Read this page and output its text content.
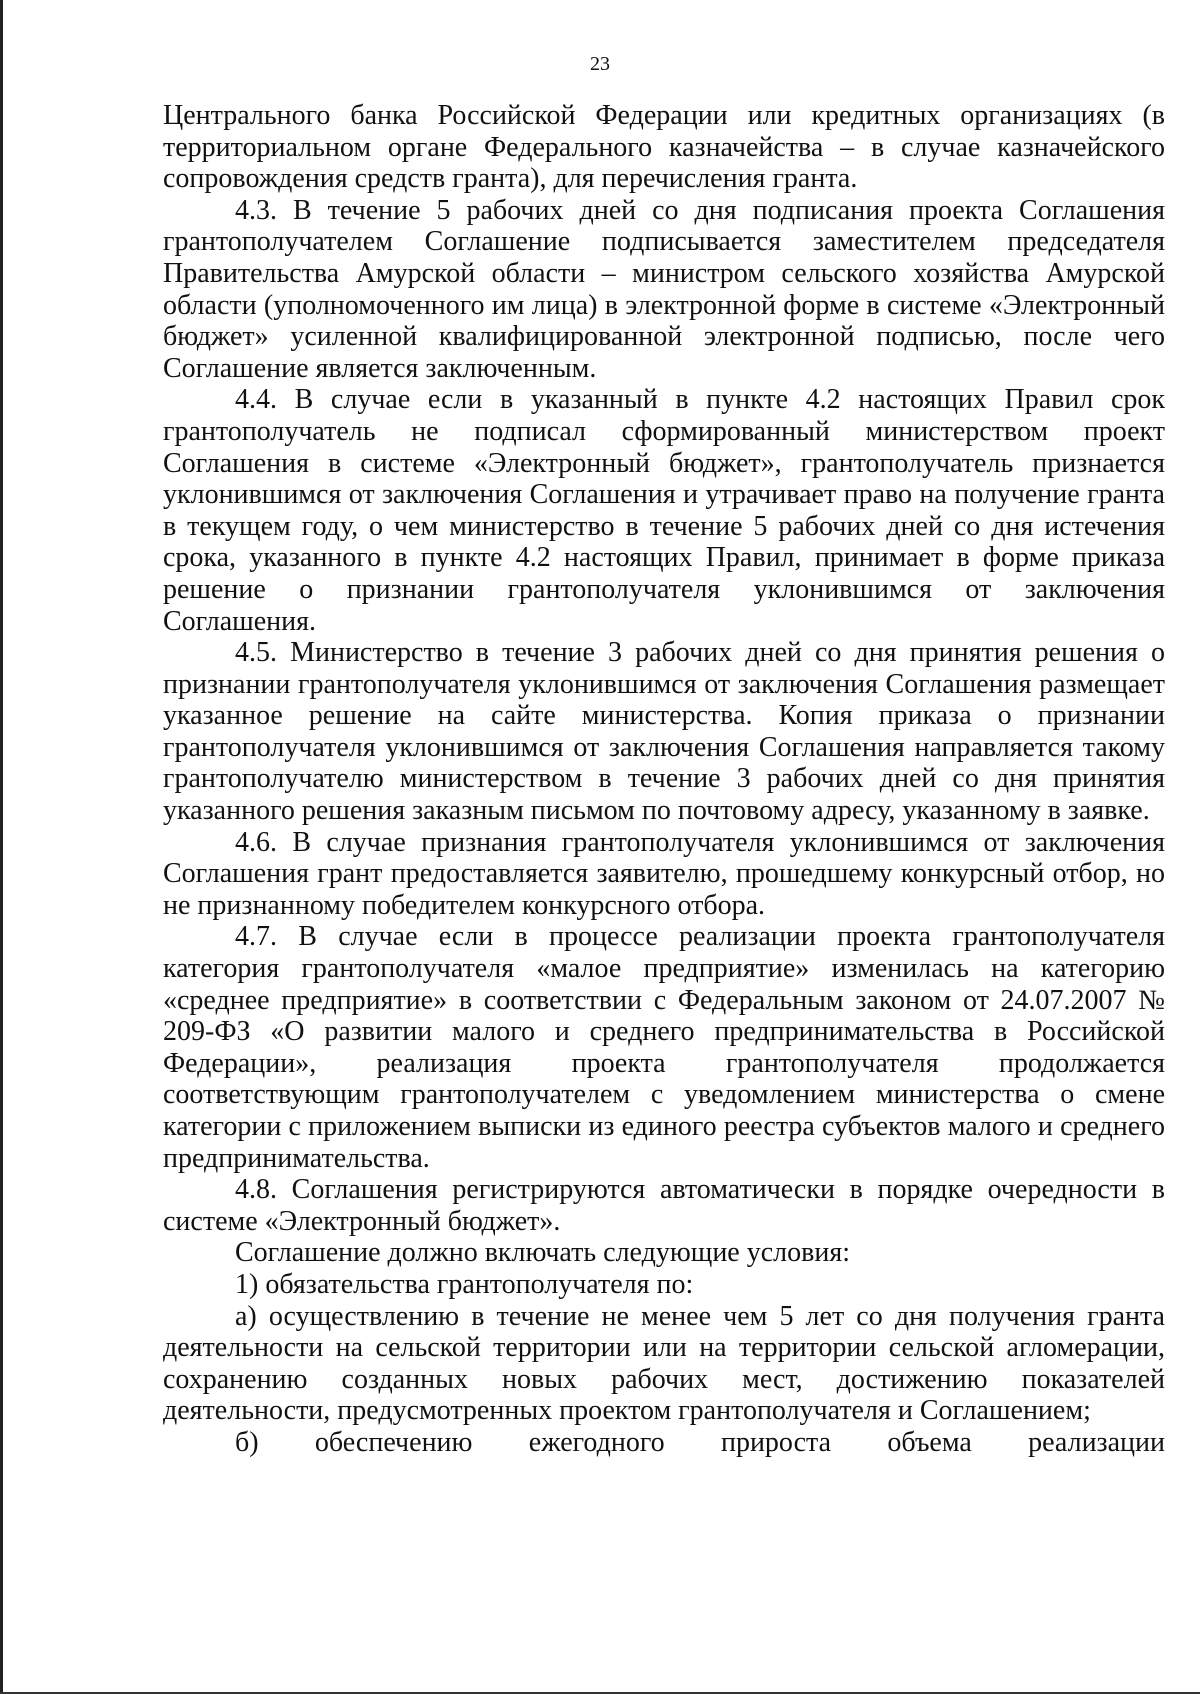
23

Центрального банка Российской Федерации или кредитных организациях (в территориальном органе Федерального казначейства – в случае казначейского сопровождения средств гранта), для перечисления гранта.

4.3. В течение 5 рабочих дней со дня подписания проекта Соглашения грантополучателем Соглашение подписывается заместителем председателя Правительства Амурской области – министром сельского хозяйства Амурской области (уполномоченного им лица) в электронной форме в системе «Электронный бюджет» усиленной квалифицированной электронной подписью, после чего Соглашение является заключенным.

4.4. В случае если в указанный в пункте 4.2 настоящих Правил срок грантополучатель не подписал сформированный министерством проект Соглашения в системе «Электронный бюджет», грантополучатель признается уклонившимся от заключения Соглашения и утрачивает право на получение гранта в текущем году, о чем министерство в течение 5 рабочих дней со дня истечения срока, указанного в пункте 4.2 настоящих Правил, принимает в форме приказа решение о признании грантополучателя уклонившимся от заключения Соглашения.

4.5. Министерство в течение 3 рабочих дней со дня принятия решения о признании грантополучателя уклонившимся от заключения Соглашения размещает указанное решение на сайте министерства. Копия приказа о признании грантополучателя уклонившимся от заключения Соглашения направляется такому грантополучателю министерством в течение 3 рабочих дней со дня принятия указанного решения заказным письмом по почтовому адресу, указанному в заявке.

4.6. В случае признания грантополучателя уклонившимся от заключения Соглашения грант предоставляется заявителю, прошедшему конкурсный отбор, но не признанному победителем конкурсного отбора.

4.7. В случае если в процессе реализации проекта грантополучателя категория грантополучателя «малое предприятие» изменилась на категорию «среднее предприятие» в соответствии с Федеральным законом от 24.07.2007 № 209-ФЗ «О развитии малого и среднего предпринимательства в Российской Федерации», реализация проекта грантополучателя продолжается соответствующим грантополучателем с уведомлением министерства о смене категории с приложением выписки из единого реестра субъектов малого и среднего предпринимательства.

4.8. Соглашения регистрируются автоматически в порядке очередности в системе «Электронный бюджет».

Соглашение должно включать следующие условия:

1) обязательства грантополучателя по:

а) осуществлению в течение не менее чем 5 лет со дня получения гранта деятельности на сельской территории или на территории сельской агломерации, сохранению созданных новых рабочих мест, достижению показателей деятельности, предусмотренных проектом грантополучателя и Соглашением;

б) обеспечению ежегодного прироста объема реализации
